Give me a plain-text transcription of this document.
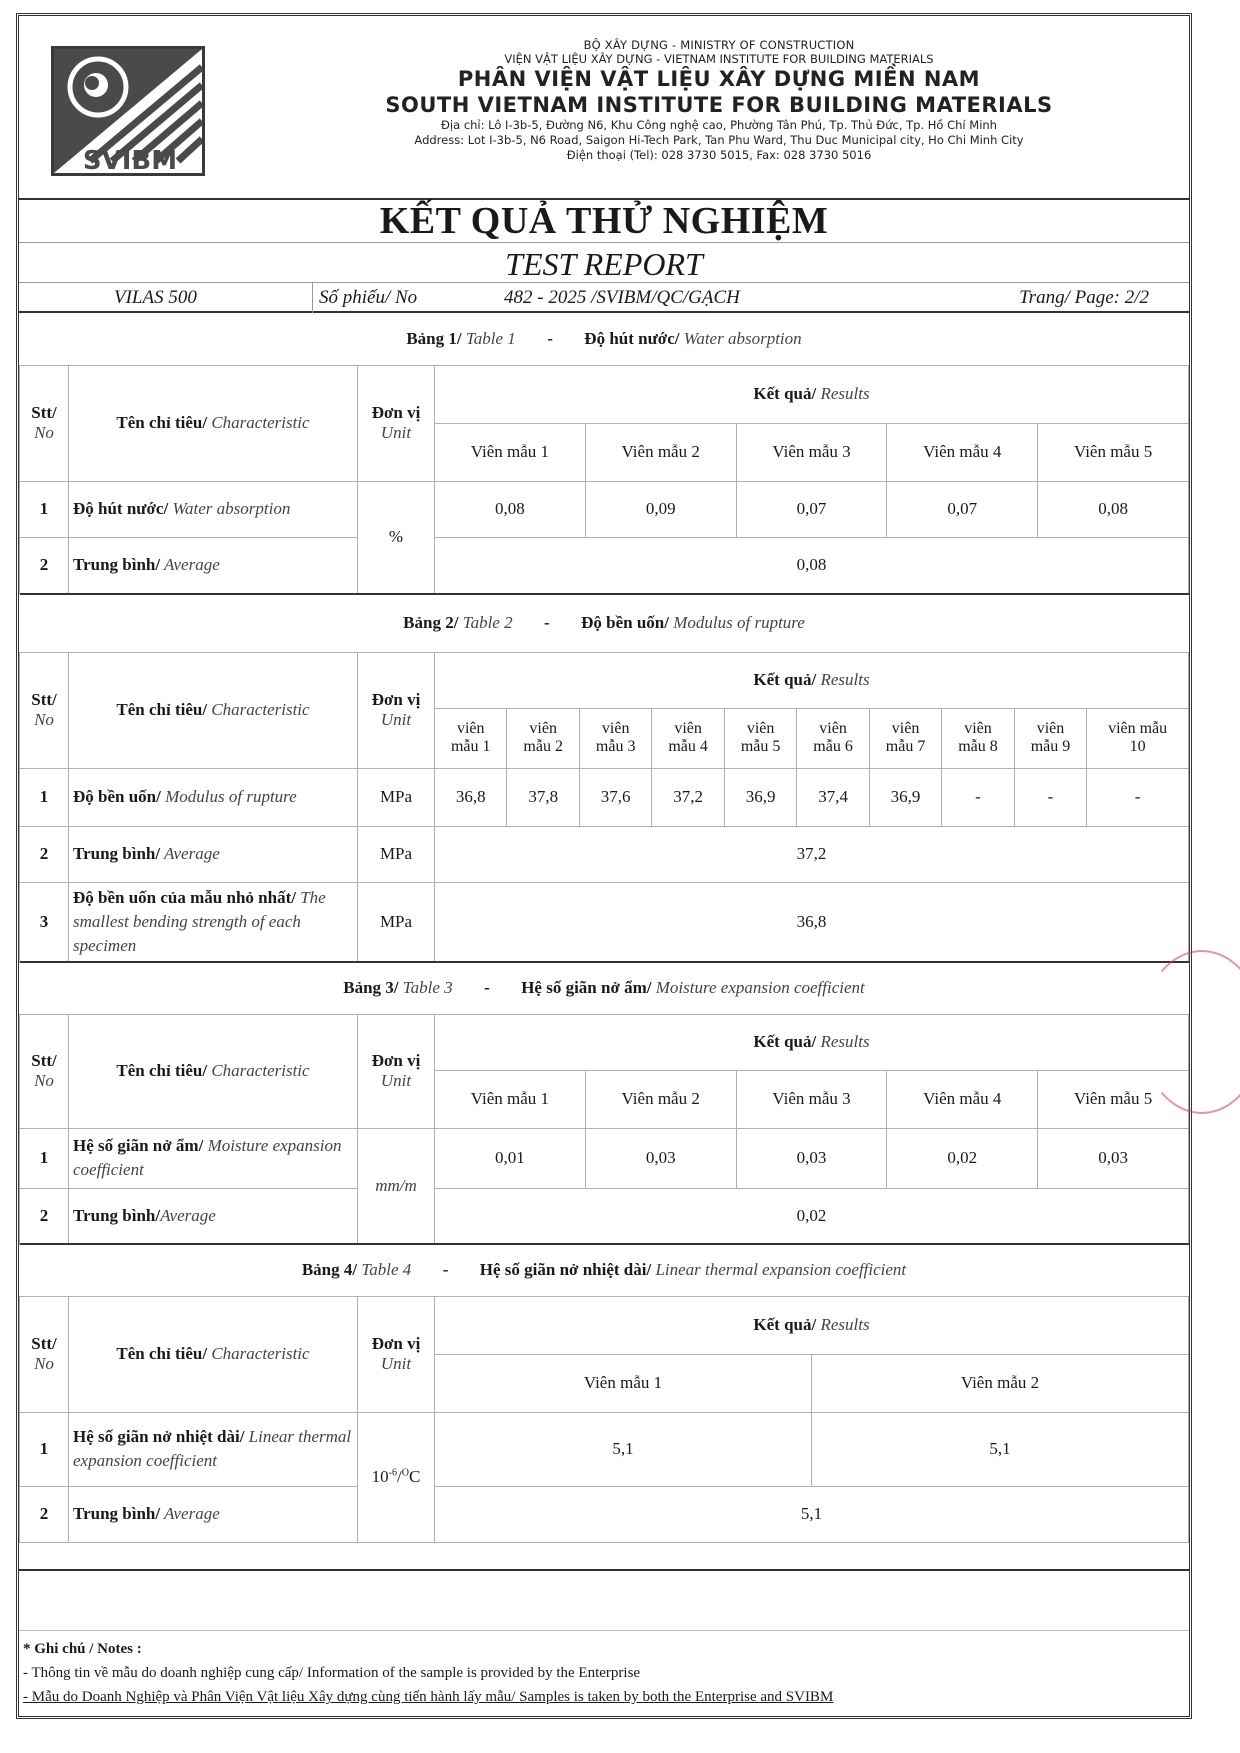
SVIBM
BỘ XÂY DỰNG - MINISTRY OF CONSTRUCTION
VIỆN VẬT LIỆU XÂY DỰNG - VIETNAM INSTITUTE FOR BUILDING MATERIALS
PHÂN VIỆN VẬT LIỆU XÂY DỰNG MIỀN NAM
SOUTH VIETNAM INSTITUTE FOR BUILDING MATERIALS
Địa chỉ: Lô I-3b-5, Đường N6, Khu Công nghệ cao, Phường Tân Phú, Tp. Thủ Đức, Tp. Hồ Chí Minh
Address: Lot I-3b-5, N6 Road, Saigon Hi-Tech Park, Tan Phu Ward, Thu Duc Municipal city, Ho Chi Minh City
Điện thoại (Tel): 028 3730 5015, Fax: 028 3730 5016
KẾT QUẢ THỬ NGHIỆM
TEST REPORT
VILAS 500	Số phiếu/ No	482 - 2025 /SVIBM/QC/GẠCH	Trang/ Page: 2/2
Bảng 1/ Table 1 - Độ hút nước/ Water absorption							

Stt/
No
	Tên chỉ tiêu/ Characteristic	
Đơn vị
Unit
	Kết quả/ Results
			Viên mẫu 1	Viên mẫu 2	Viên mẫu 3	Viên mẫu 4	Viên mẫu 5
1	Độ hút nước/ Water absorption	%	0,08	0,09	0,07	0,07	0,08
2	Trung bình/ Average		0,08				
Bảng 2/ Table 2 - Độ bền uốn/ Modulus of rupture												

Stt/
No
	Tên chỉ tiêu/ Characteristic	
Đơn vị
Unit
	Kết quả/ Results

viên
mẫu 1

viên
mẫu 2

viên
mẫu 3

viên
mẫu 4

viên
mẫu 5

viên
mẫu 6

viên
mẫu 7

viên
mẫu 8

viên
mẫu 9

viên mẫu
10

1	Độ bền uốn/ Modulus of rupture	MPa	36,8	37,8	37,6	37,2	36,9	37,4	36,9	-	-	-
2	Trung bình/ Average	MPa	37,2									
3	Độ bền uốn của mẫu nhỏ nhất/ The smallest bending strength of each specimen	MPa	36,8									
Bảng 3/ Table 3 - Hệ số giãn nở ẩm/ Moisture expansion coefficient							

Stt/
No
	Tên chỉ tiêu/ Characteristic	
Đơn vị
Unit
	Kết quả/ Results
			Viên mẫu 1	Viên mẫu 2	Viên mẫu 3	Viên mẫu 4	Viên mẫu 5
1	Hệ số giãn nở ẩm/ Moisture expansion coefficient	mm/m	0,01	0,03	0,03	0,02	0,03
2	Trung bình/Average		0,02				
Bảng 4/ Table 4 - Hệ số giãn nở nhiệt dài/ Linear thermal expansion coefficient				

Stt/
No
	Tên chỉ tiêu/ Characteristic	
Đơn vị
Unit
	Kết quả/ Results
			Viên mẫu 1	Viên mẫu 2
1	Hệ số giãn nở nhiệt dài/ Linear thermal expansion coefficient	$10^{-6}/^OC$	5,1	5,1
2	Trung bình/ Average		5,1	
* Ghi chú / Notes :
- Thông tin về mẫu do doanh nghiệp cung cấp/ Information of the sample is provided by the Enterprise
- Mẫu do Doanh Nghiệp và Phân Viện Vật liệu Xây dựng cùng tiến hành lấy mẫu/ Samples is taken by both the Enterprise and SVIBM
